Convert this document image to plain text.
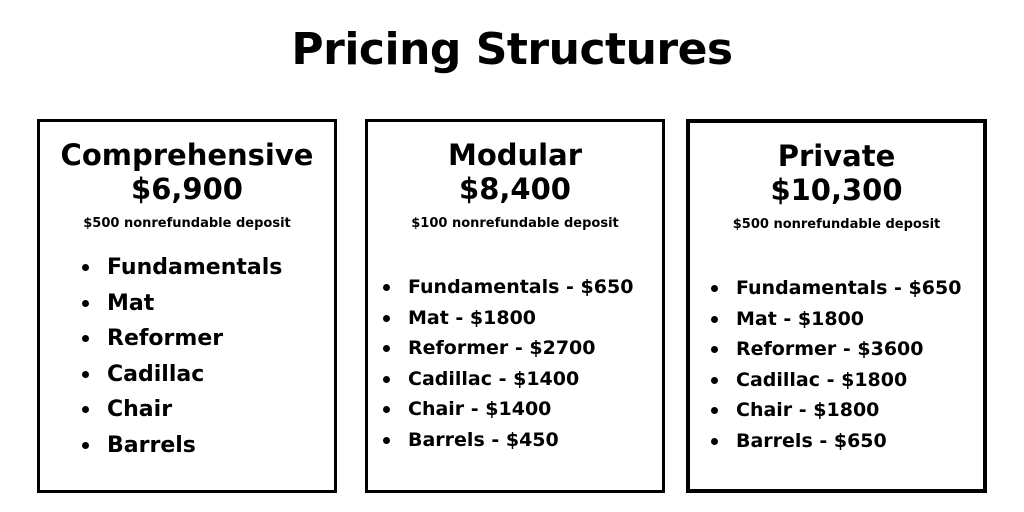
Pricing Structures
Comprehensive
$6,900
$500 nonrefundable deposit
Fundamentals
Mat
Reformer
Cadillac
Chair
Barrels
Modular
$8,400
$100 nonrefundable deposit
Fundamentals - $650
Mat - $1800
Reformer - $2700
Cadillac - $1400
Chair - $1400
Barrels - $450
Private
$10,300
$500 nonrefundable deposit
Fundamentals - $650
Mat - $1800
Reformer - $3600
Cadillac - $1800
Chair - $1800
Barrels - $650
